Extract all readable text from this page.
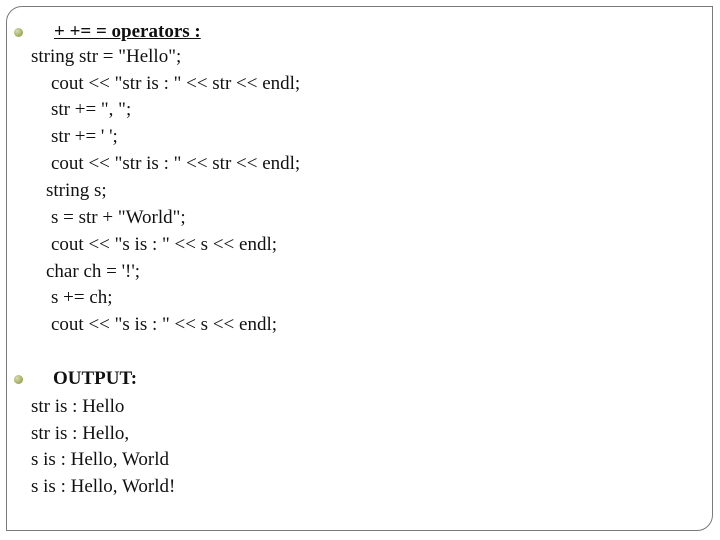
+ += = operators :
string str = "Hello";
cout << "str is : " << str << endl;
str += ", ";
str += ' ';
cout << "str is : " << str << endl;
string s;
s = str + "World";
cout << "s is : " << s << endl;
char ch = '!';
s += ch;
cout << "s is : " << s << endl;
OUTPUT:
str is : Hello
str is : Hello,
s is : Hello, World
s is : Hello, World!
